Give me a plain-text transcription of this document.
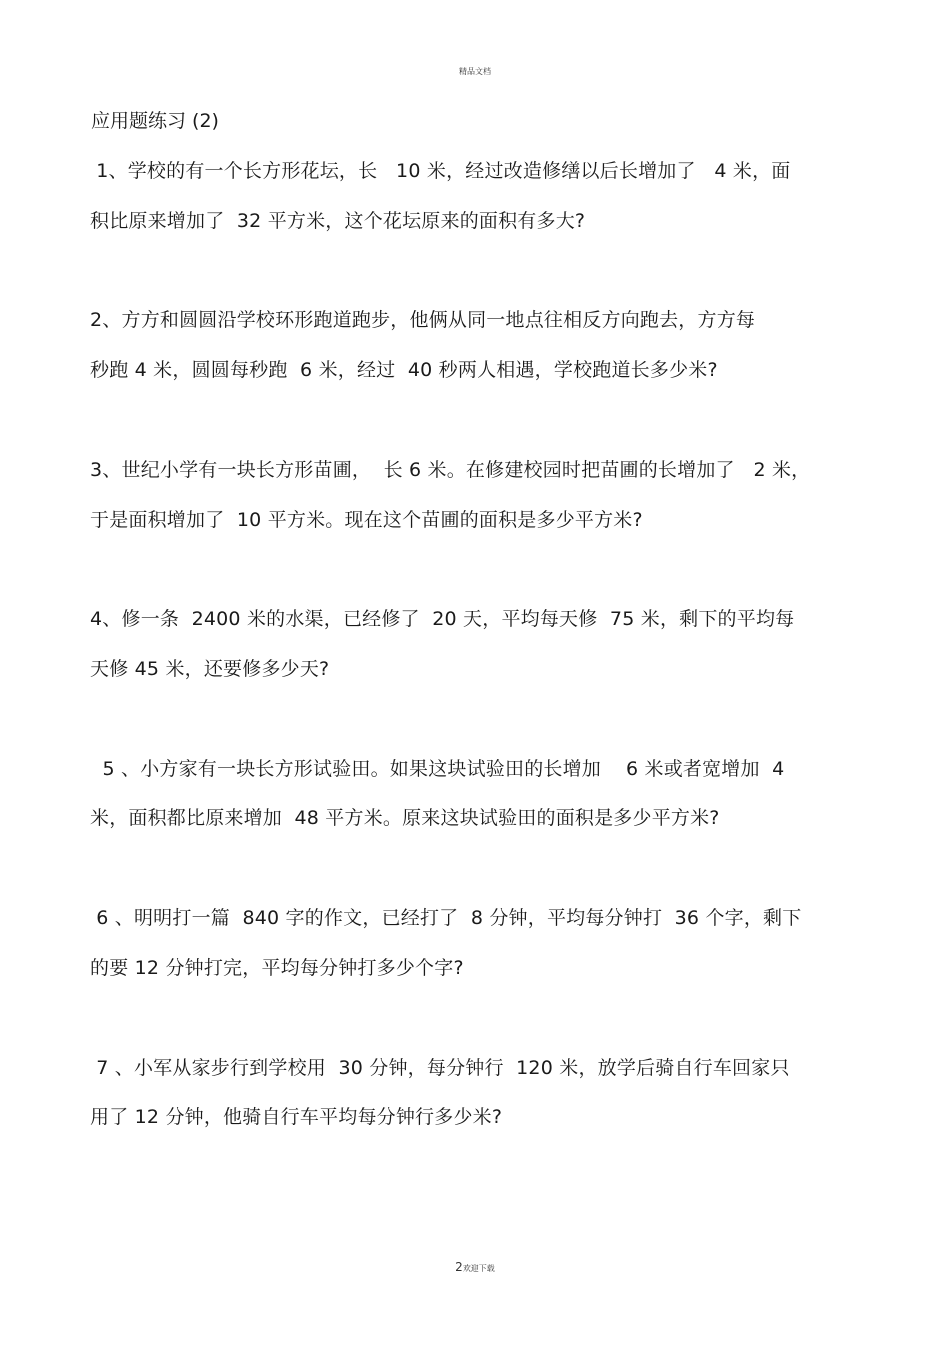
精品文档
应用题练习 (2)
1、学校的有一个长方形花坛，长   10 米，经过改造修缮以后长增加了   4 米，面
积比原来增加了  32 平方米，这个花坛原来的面积有多大?
2、方方和圆圆沿学校环形跑道跑步，他俩从同一地点往相反方向跑去，方方每
秒跑 4 米，圆圆每秒跑  6 米，经过  40 秒两人相遇，学校跑道长多少米?
3、世纪小学有一块长方形苗圃，  长 6 米。在修建校园时把苗圃的长增加了   2 米，
于是面积增加了  10 平方米。现在这个苗圃的面积是多少平方米?
4、修一条  2400 米的水渠，已经修了  20 天，平均每天修  75 米，剩下的平均每
天修 45 米，还要修多少天?
5 、小方家有一块长方形试验田。如果这块试验田的长增加    6 米或者宽增加  4
米，面积都比原来增加  48 平方米。原来这块试验田的面积是多少平方米?
6 、明明打一篇  840 字的作文，已经打了  8 分钟，平均每分钟打  36 个字，剩下
的要 12 分钟打完，平均每分钟打多少个字?
7 、小军从家步行到学校用  30 分钟，每分钟行  120 米，放学后骑自行车回家只
用了 12 分钟，他骑自行车平均每分钟行多少米?
2欢迎下载
